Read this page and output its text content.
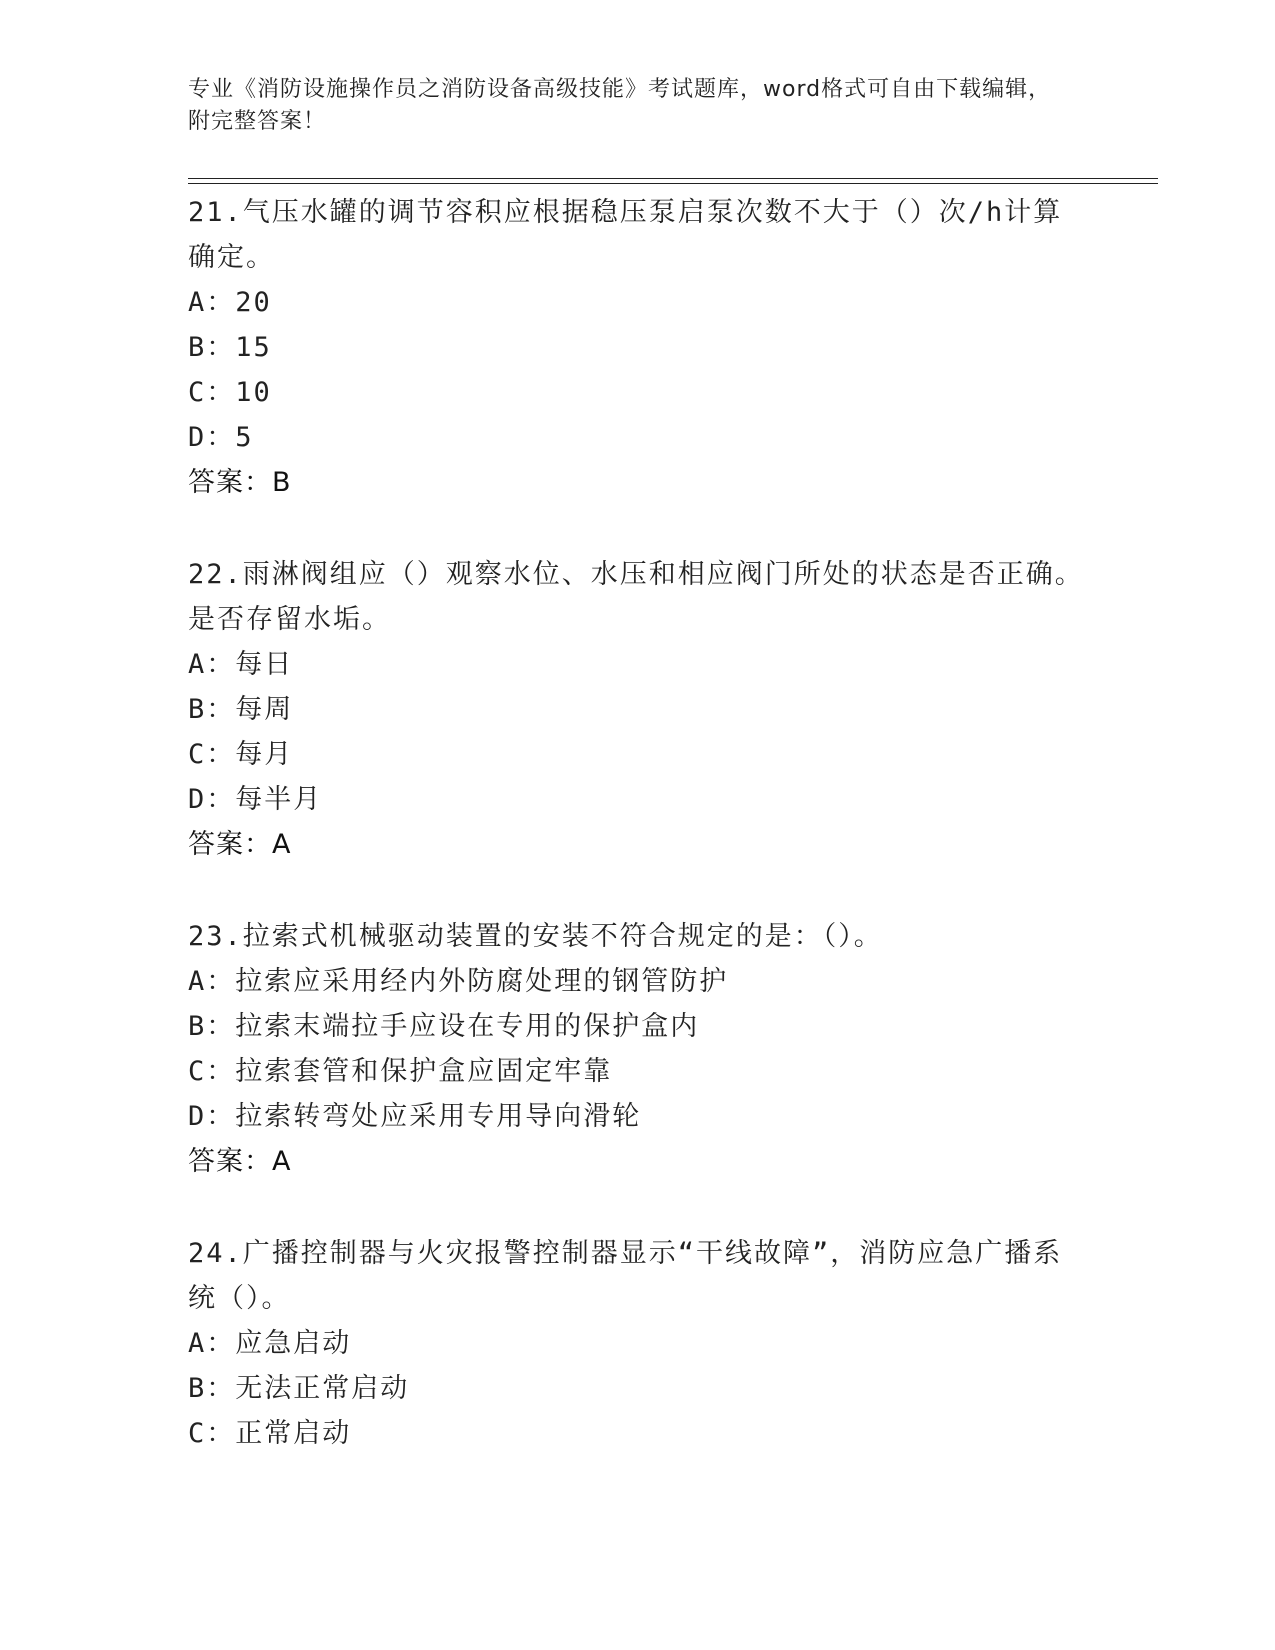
专业《消防设施操作员之消防设备高级技能》考试题库，word格式可自由下载编辑，附完整答案！

21.气压水罐的调节容积应根据稳压泵启泵次数不大于（）次/h计算确定。

A：20

B：15

C：10

D：5

答案：B

22.雨淋阀组应（）观察水位、水压和相应阀门所处的状态是否正确。是否存留水垢。

A：每日

B：每周

C：每月

D：每半月

答案：A

23.拉索式机械驱动装置的安装不符合规定的是：（）。

A：拉索应采用经内外防腐处理的钢管防护

B：拉索末端拉手应设在专用的保护盒内

C：拉索套管和保护盒应固定牢靠

D：拉索转弯处应采用专用导向滑轮

答案：A

24.广播控制器与火灾报警控制器显示“干线故障”，消防应急广播系统（）。

A：应急启动

B：无法正常启动

C：正常启动
